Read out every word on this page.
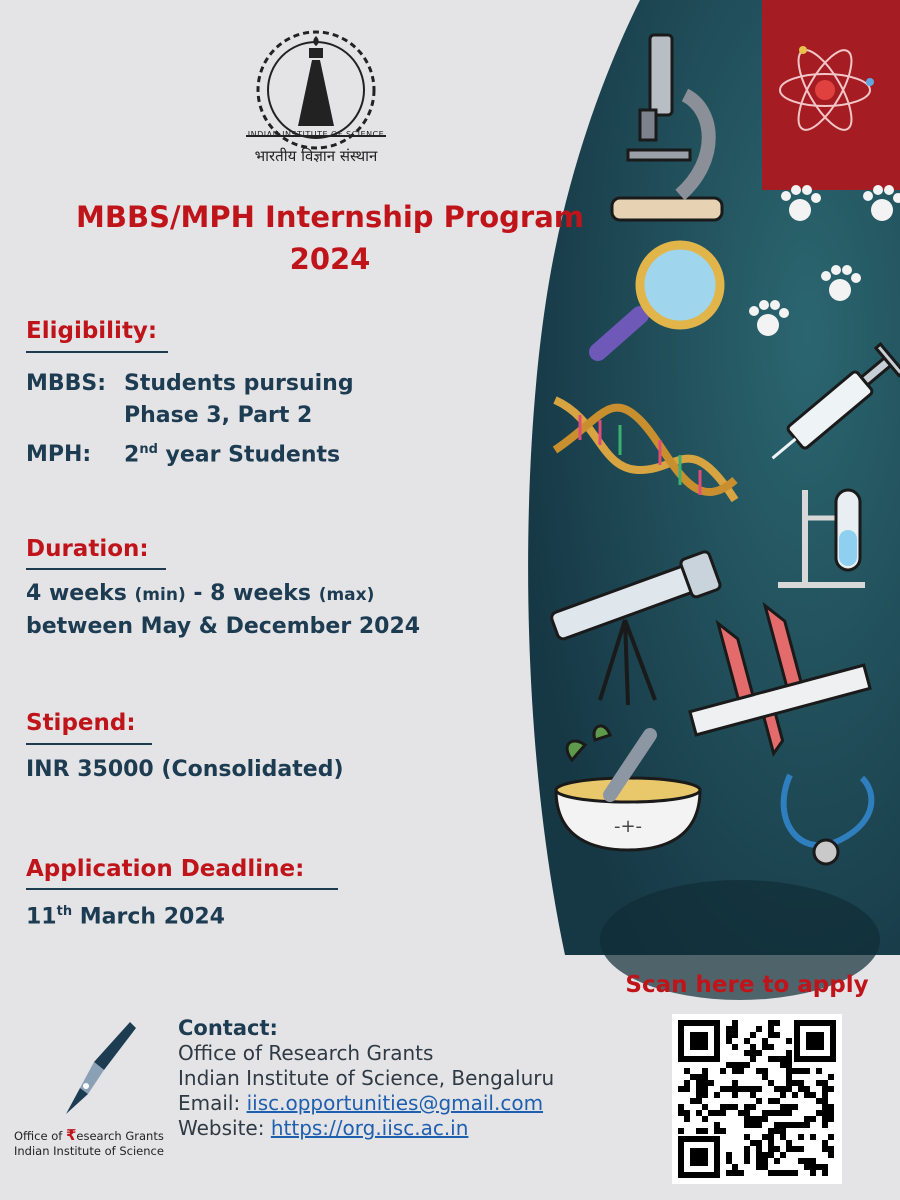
-+-
INDIAN INSTITUTE OF SCIENCE
भारतीय विज्ञान संस्थान
MBBS/MPH Internship Program
2024
Eligibility:
MBBS: Students pursuing
Phase 3, Part 2
MPH: 2nd year Students
Duration:
4 weeks (min) - 8 weeks (max)
between May & December 2024
Stipend:
INR 35000 (Consolidated)
Application Deadline:
11th March 2024
Office of ₹esearch Grants
Indian Institute of Science
Contact:
Office of Research Grants
Indian Institute of Science, Bengaluru
Email: iisc.opportunities@gmail.com
Website: https://org.iisc.ac.in
Scan here to apply
